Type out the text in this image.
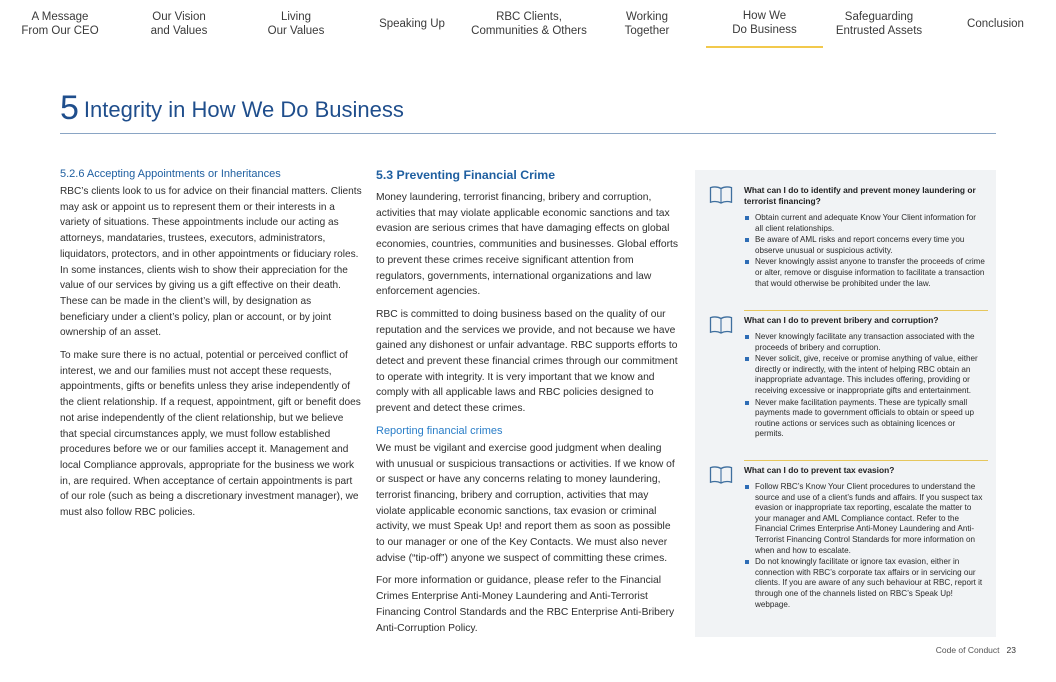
A Message
From Our CEO
Our Vision
and Values
Living
Our Values
Speaking Up
RBC Clients,
Communities & Others
Working
Together
How We
Do Business
Safeguarding
Entrusted Assets
Conclusion
5 Integrity in How We Do Business
5.2.6 Accepting Appointments or Inheritances

RBC’s clients look to us for advice on their financial matters. Clients may ask or appoint us to represent them or their interests in a variety of situations. These appointments include our acting as attorneys, mandataries, trustees, executors, administrators, liquidators, protectors, and in other appointments or fiduciary roles. In some instances, clients wish to show their appreciation for the value of our services by giving us a gift effective on their death. These can be made in the client’s will, by designation as beneficiary under a client’s policy, plan or account, or by joint ownership of an asset.

To make sure there is no actual, potential or perceived conflict of interest, we and our families must not accept these requests, appointments, gifts or benefits unless they arise independently of the client relationship. If a request, appointment, gift or benefit does not arise independently of the client relationship, but we believe that special circumstances apply, we must follow established procedures before we or our families accept it. Management and local Compliance approvals, appropriate for the business we work in, are required. When acceptance of certain appointments is part of our role (such as being a discretionary investment manager), we must also follow RBC policies.

5.3 Preventing Financial Crime

Money laundering, terrorist financing, bribery and corruption, activities that may violate applicable economic sanctions and tax evasion are serious crimes that have damaging effects on global economies, countries, communities and businesses. Global efforts to prevent these crimes receive significant attention from regulators, governments, international organizations and law enforcement agencies.

RBC is committed to doing business based on the quality of our reputation and the services we provide, and not because we have gained any dishonest or unfair advantage. RBC supports efforts to detect and prevent these financial crimes through our commitment to operate with integrity. It is very important that we know and comply with all applicable laws and RBC policies designed to prevent and detect these crimes.

Reporting financial crimes

We must be vigilant and exercise good judgment when dealing with unusual or suspicious transactions or activities. If we know of or suspect or have any concerns relating to money laundering, terrorist financing, bribery and corruption, activities that may violate applicable economic sanctions, tax evasion or criminal activity, we must Speak Up! and report them as soon as possible to our manager or one of the Key Contacts. We must also never advise (“tip-off”) anyone we suspect of committing these crimes.

For more information or guidance, please refer to the Financial Crimes Enterprise Anti-Money Laundering and Anti-Terrorist Financing Control Standards and the RBC Enterprise Anti-Bribery Anti-Corruption Policy.

What can I do to identify and prevent money laundering or terrorist financing?

Obtain current and adequate Know Your Client information for all client relationships.
Be aware of AML risks and report concerns every time you observe unusual or suspicious activity.
Never knowingly assist anyone to transfer the proceeds of crime or alter, remove or disguise information to facilitate a transaction that would otherwise be prohibited under the law.

What can I do to prevent bribery and corruption?

Never knowingly facilitate any transaction associated with the proceeds of bribery and corruption.
Never solicit, give, receive or promise anything of value, either directly or indirectly, with the intent of helping RBC obtain an inappropriate advantage. This includes offering, providing or receiving excessive or inappropriate gifts and entertainment.
Never make facilitation payments. These are typically small payments made to government officials to obtain or speed up routine actions or services such as obtaining licences or permits.

What can I do to prevent tax evasion?

Follow RBC’s Know Your Client procedures to understand the source and use of a client’s funds and affairs. If you suspect tax evasion or inappropriate tax reporting, escalate the matter to your manager and AML Compliance contact. Refer to the Financial Crimes Enterprise Anti-Money Laundering and Anti-Terrorist Financing Control Standards for more information on when and how to escalate.
Do not knowingly facilitate or ignore tax evasion, either in connection with RBC’s corporate tax affairs or in servicing our clients. If you are aware of any such behaviour at RBC, report it through one of the channels listed on RBC’s Speak Up! webpage.
Code of Conduct 23
